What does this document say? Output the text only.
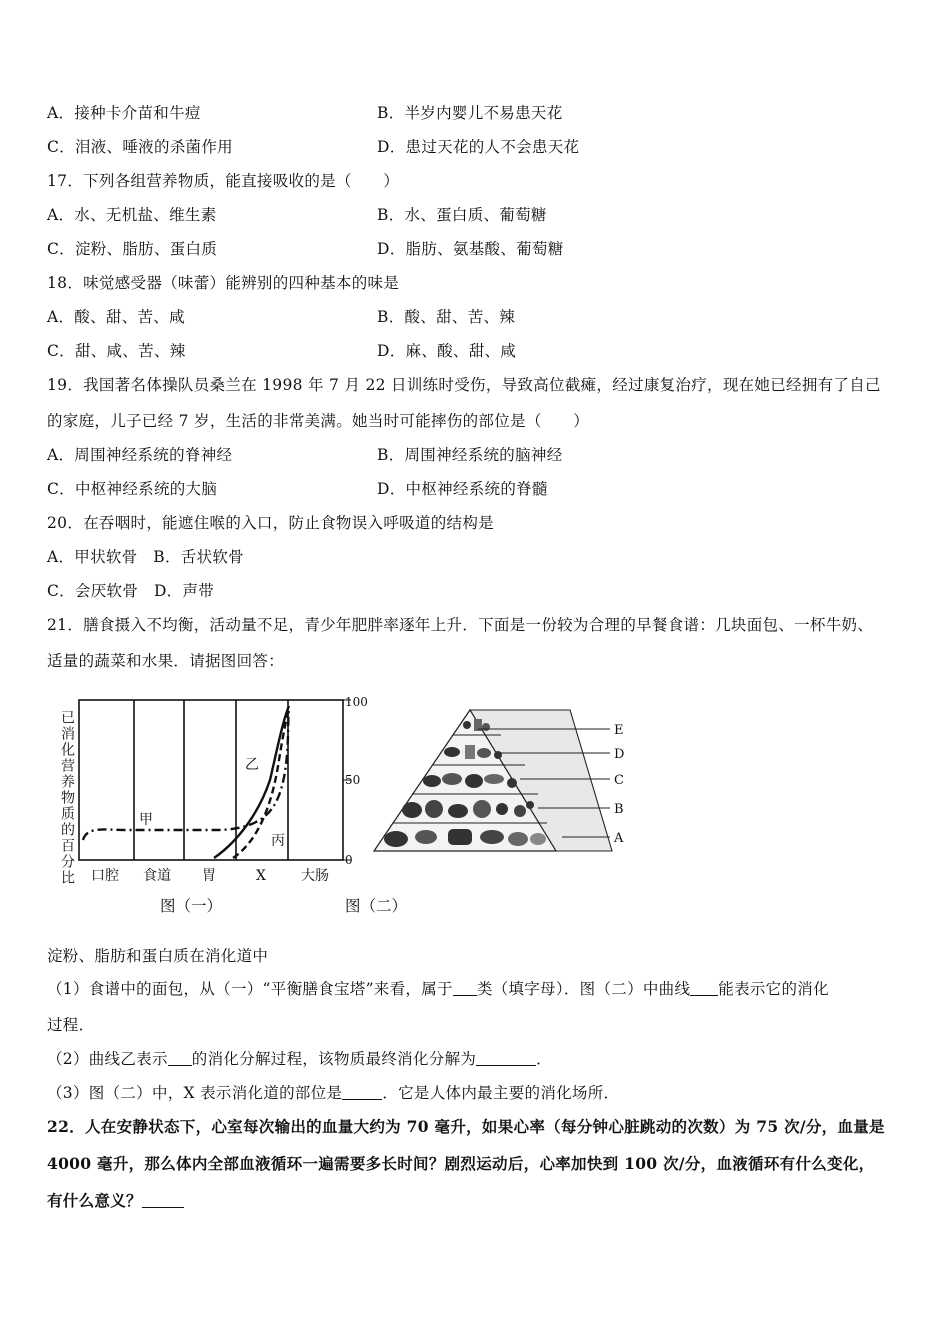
A．接种卡介苗和牛痘	B．半岁内婴儿不易患天花
C．泪液、唾液的杀菌作用	D．患过天花的人不会患天花
17．下列各组营养物质，能直接吸收的是（　　）
A．水、无机盐、维生素	B．水、蛋白质、葡萄糖
C．淀粉、脂肪、蛋白质	D．脂肪、氨基酸、葡萄糖
18．味觉感受器（味蕾）能辨别的四种基本的味是
A．酸、甜、苦、咸	B．酸、甜、苦、辣
C．甜、咸、苦、辣	D．麻、酸、甜、咸
19．我国著名体操队员桑兰在 1998 年 7 月 22 日训练时受伤，导致高位截瘫，经过康复治疗，现在她已经拥有了自己
的家庭，儿子已经 7 岁，生活的非常美满。她当时可能摔伤的部位是（　　）
A．周围神经系统的脊神经	B．周围神经系统的脑神经
C．中枢神经系统的大脑	D．中枢神经系统的脊髓
20．在吞咽时，能遮住喉的入口，防止食物误入呼吸道的结构是
A．甲状软骨　B．舌状软骨
C．会厌软骨　D．声带
21．膳食摄入不均衡，活动量不足，青少年肥胖率逐年上升．下面是一份较为合理的早餐食谱：几块面包、一杯牛奶、
适量的蔬菜和水果．请据图回答：
已消化营养物质的百分比
100
50
0
甲
乙
丙
口腔 食道 胃	X	大肠
E
D
C
B
A
图（一）	图（二）
淀粉、脂肪和蛋白质在消化道中
（1）食谱中的面包，从（一）“平衡膳食宝塔”来看，属于 类（填字母）．图（二）中曲线 能表示它的消化
过程．
（2）曲线乙表示 的消化分解过程，该物质最终消化分解为	．
（3）图（二）中，X 表示消化道的部位是	．它是人体内最主要的消化场所．
22．人在安静状态下，心室每次输出的血量大约为 70 毫升，如果心率（每分钟心脏跳动的次数）为 75 次/分，血量是
4000 毫升，那么体内全部血液循环一遍需要多长时间？剧烈运动后，心率加快到 100 次/分，血液循环有什么变化，
有什么意义？
